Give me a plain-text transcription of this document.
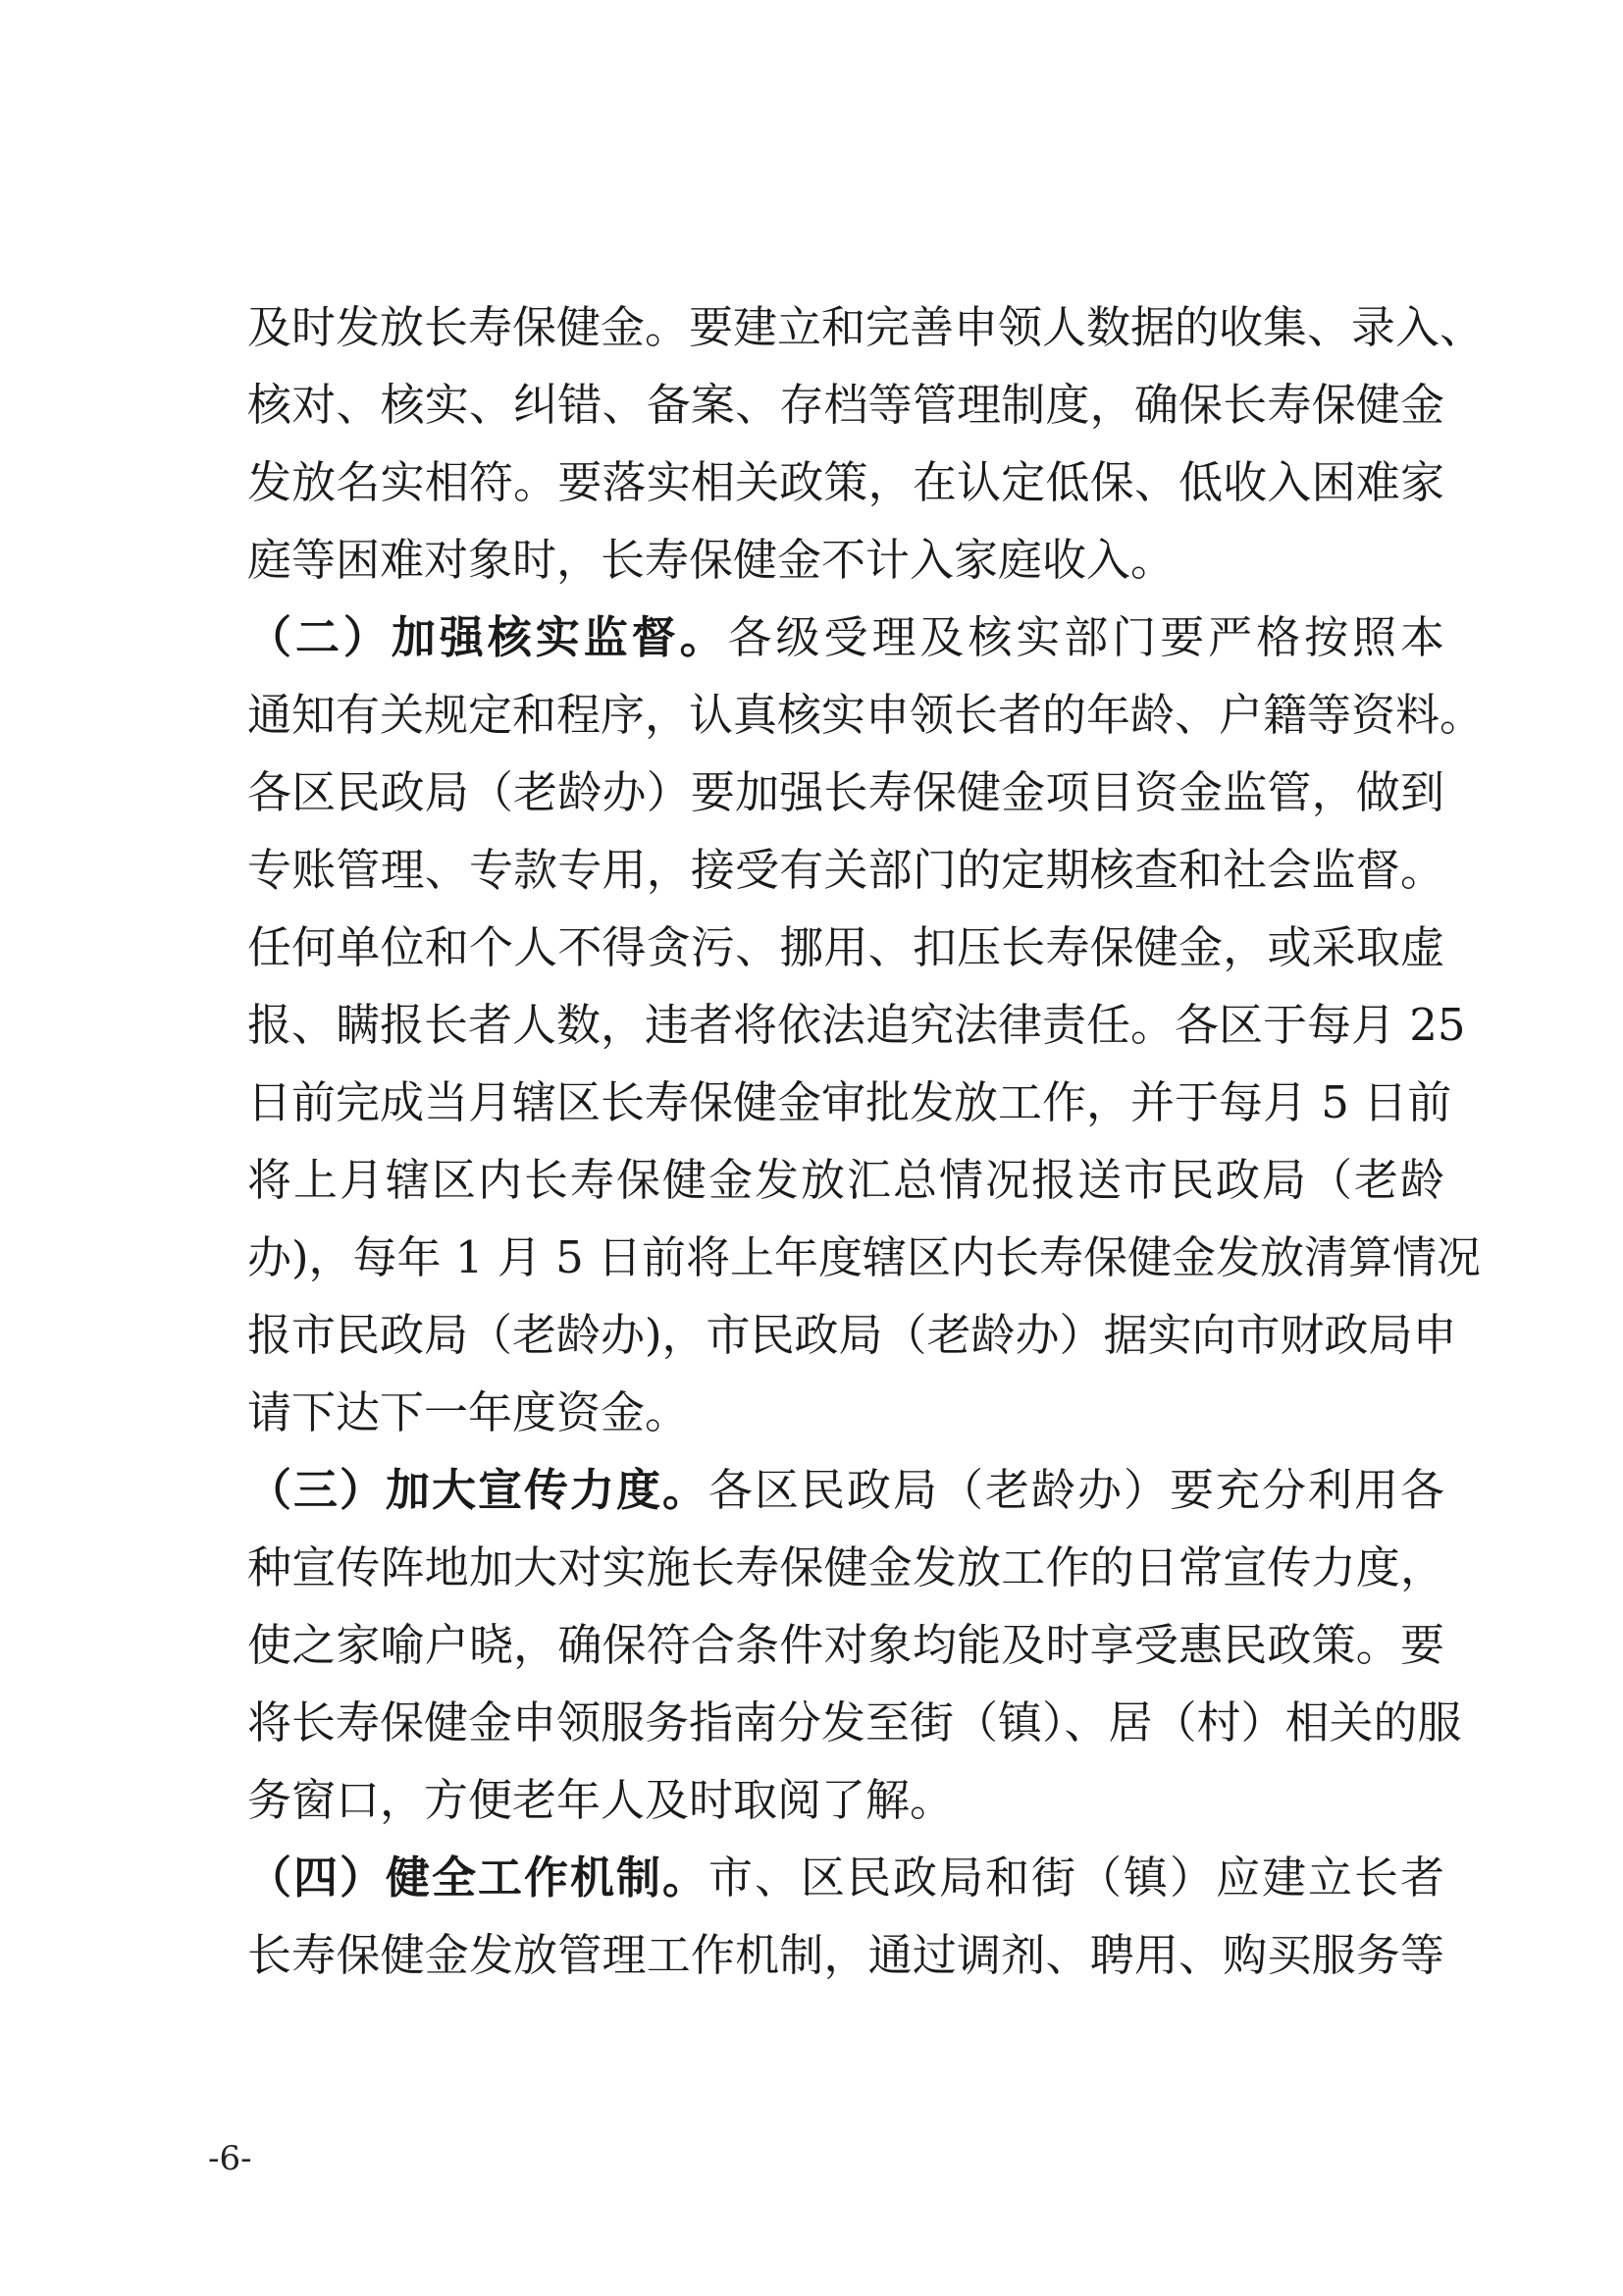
及时发放长寿保健金。要建立和完善申领人数据的收集、录入、
核对、核实、纠错、备案、存档等管理制度，确保长寿保健金
发放名实相符。要落实相关政策，在认定低保、低收入困难家
庭等困难对象时，长寿保健金不计入家庭收入。
（二）加强核实监督。各级受理及核实部门要严格按照本
通知有关规定和程序，认真核实申领长者的年龄、户籍等资料。
各区民政局（老龄办）要加强长寿保健金项目资金监管，做到
专账管理、专款专用，接受有关部门的定期核查和社会监督。
任何单位和个人不得贪污、挪用、扣压长寿保健金，或采取虚
报、瞒报长者人数，违者将依法追究法律责任。各区于每月 25
日前完成当月辖区长寿保健金审批发放工作，并于每月 5 日前
将上月辖区内长寿保健金发放汇总情况报送市民政局（老龄
办)，每年 1 月 5 日前将上年度辖区内长寿保健金发放清算情况
报市民政局（老龄办)，市民政局（老龄办）据实向市财政局申
请下达下一年度资金。
（三）加大宣传力度。各区民政局（老龄办）要充分利用各
种宣传阵地加大对实施长寿保健金发放工作的日常宣传力度，
使之家喻户晓，确保符合条件对象均能及时享受惠民政策。要
将长寿保健金申领服务指南分发至街（镇）、居（村）相关的服
务窗口，方便老年人及时取阅了解。
（四）健全工作机制。市、区民政局和街（镇）应建立长者
长寿保健金发放管理工作机制，通过调剂、聘用、购买服务等
-6-
